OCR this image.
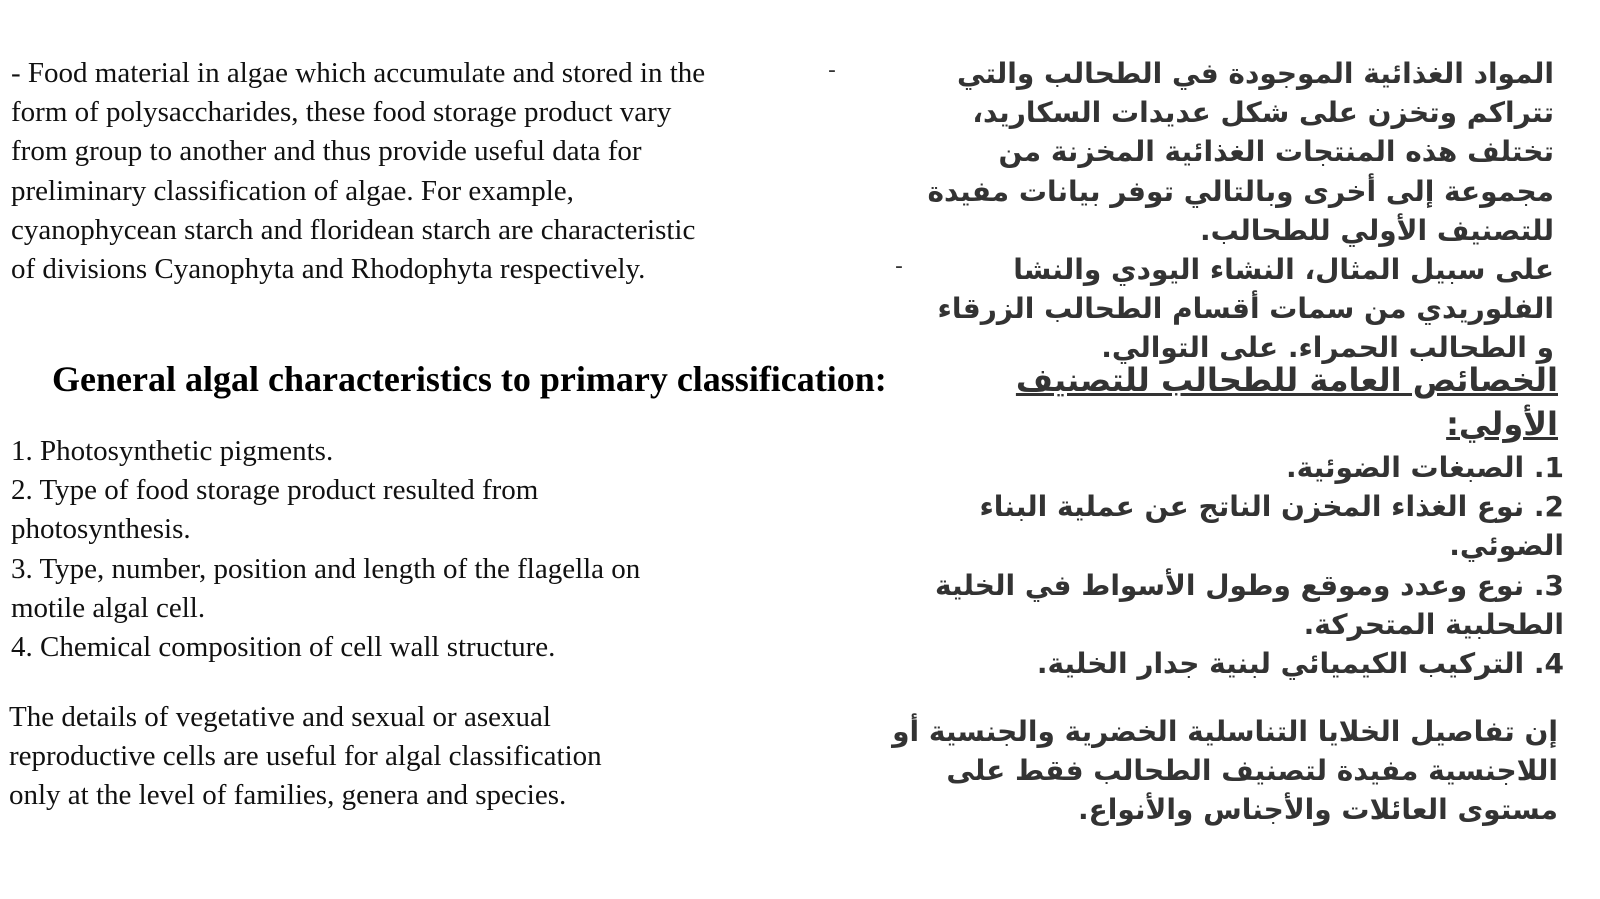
- Food material in algae which accumulate and stored in the
form of polysaccharides, these food storage product vary
from group to another and thus provide useful data for
preliminary classification of algae. For example,
cyanophycean starch and floridean starch are characteristic
of divisions Cyanophyta and Rhodophyta respectively.
General algal characteristics to primary classification:
1. Photosynthetic pigments.
2. Type of food storage product resulted from
photosynthesis.
3. Type, number, position and length of the flagella on
motile algal cell.
4. Chemical composition of cell wall structure.
The details of vegetative and sexual or asexual
reproductive cells are useful for algal classification
only at the level of families, genera and species.
-
-
المواد الغذائية الموجودة في الطحالب والتي
تتراكم وتخزن على شكل عديدات السكاريد،
تختلف هذه المنتجات الغذائية المخزنة من
مجموعة إلى أخرى وبالتالي توفر بيانات مفيدة
للتصنيف الأولي للطحالب.
على سبيل المثال، النشاء اليودي والنشا
الفلوريدي من سمات أقسام الطحالب الزرقاء
و الطحالب الحمراء. على التوالي.
الخصائص العامة للطحالب للتصنيف
الأولي:
1. الصبغات الضوئية.
2. نوع الغذاء المخزن الناتج عن عملية البناء
الضوئي.
3. نوع وعدد وموقع وطول الأسواط في الخلية
الطحلبية المتحركة.
4. التركيب الكيميائي لبنية جدار الخلية.
إن تفاصيل الخلايا التناسلية الخضرية والجنسية أو
اللاجنسية مفيدة لتصنيف الطحالب فقط على
مستوى العائلات والأجناس والأنواع.
